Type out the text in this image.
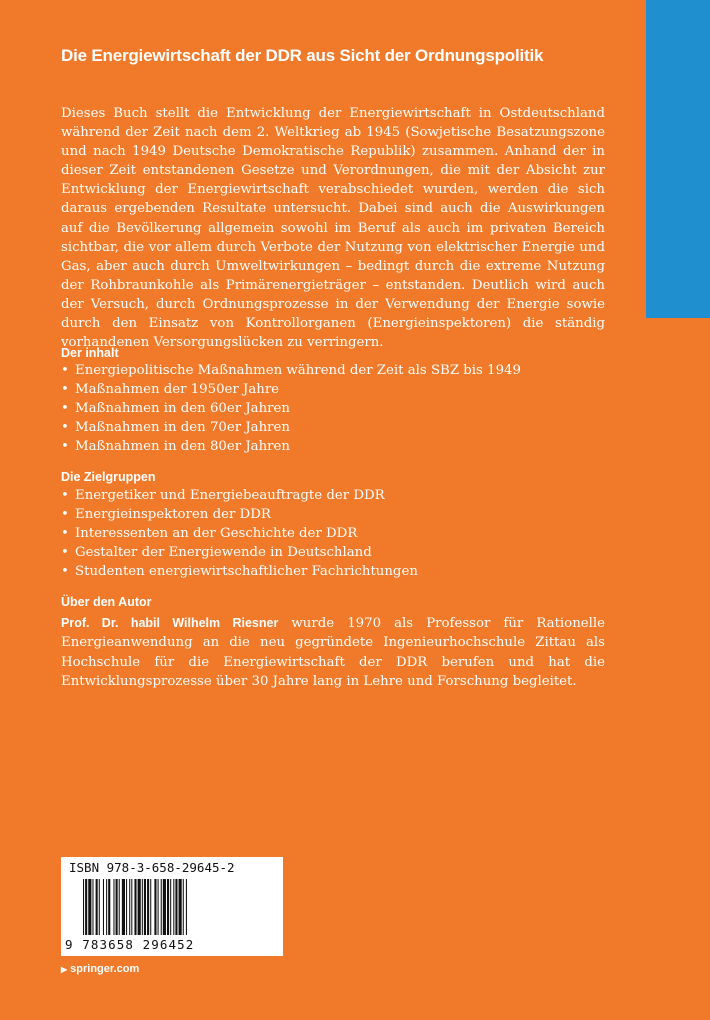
Die Energiewirtschaft der DDR aus Sicht der Ordnungspolitik

Dieses Buch stellt die Entwicklung der Energiewirtschaft in Ostdeutschland während der Zeit nach dem 2. Weltkrieg ab 1945 (Sowjetische Besatzungszone und nach 1949 Deutsche Demokratische Republik) zusammen. Anhand der in dieser Zeit entstandenen Gesetze und Verordnungen, die mit der Absicht zur Entwicklung der Energiewirtschaft verabschiedet wurden, werden die sich daraus ergebenden Resultate untersucht. Dabei sind auch die Auswirkungen auf die Bevölkerung allgemein sowohl im Beruf als auch im privaten Bereich sichtbar, die vor allem durch Verbote der Nutzung von elektrischer Energie und Gas, aber auch durch Umweltwirkungen – bedingt durch die extreme Nutzung der Rohbraunkohle als Primärenergieträger – entstanden. Deutlich wird auch der Versuch, durch Ordnungsprozesse in der Verwendung der Energie sowie durch den Einsatz von Kontrollorganen (Energieinspektoren) die ständig vorhandenen Versorgungslücken zu verringern.

Der inhalt
• Energiepolitische Maßnahmen während der Zeit als SBZ bis 1949
• Maßnahmen der 1950er Jahre
• Maßnahmen in den 60er Jahren
• Maßnahmen in den 70er Jahren
• Maßnahmen in den 80er Jahren
Die Zielgruppen
• Energetiker und Energiebeauftragte der DDR
• Energieinspektoren der DDR
• Interessenten an der Geschichte der DDR
• Gestalter der Energiewende in Deutschland
• Studenten energiewirtschaftlicher Fachrichtungen
Über den Autor

Prof. Dr. habil Wilhelm Riesner wurde 1970 als Professor für Rationelle Energieanwendung an die neu gegründete Ingenieurhochschule Zittau als Hochschule für die Energiewirtschaft der DDR berufen und hat die Entwicklungsprozesse über 30 Jahre lang in Lehre und Forschung begleitet.

ISBN 978-3-658-29645-2
9 783658 296452
▶ springer.com
